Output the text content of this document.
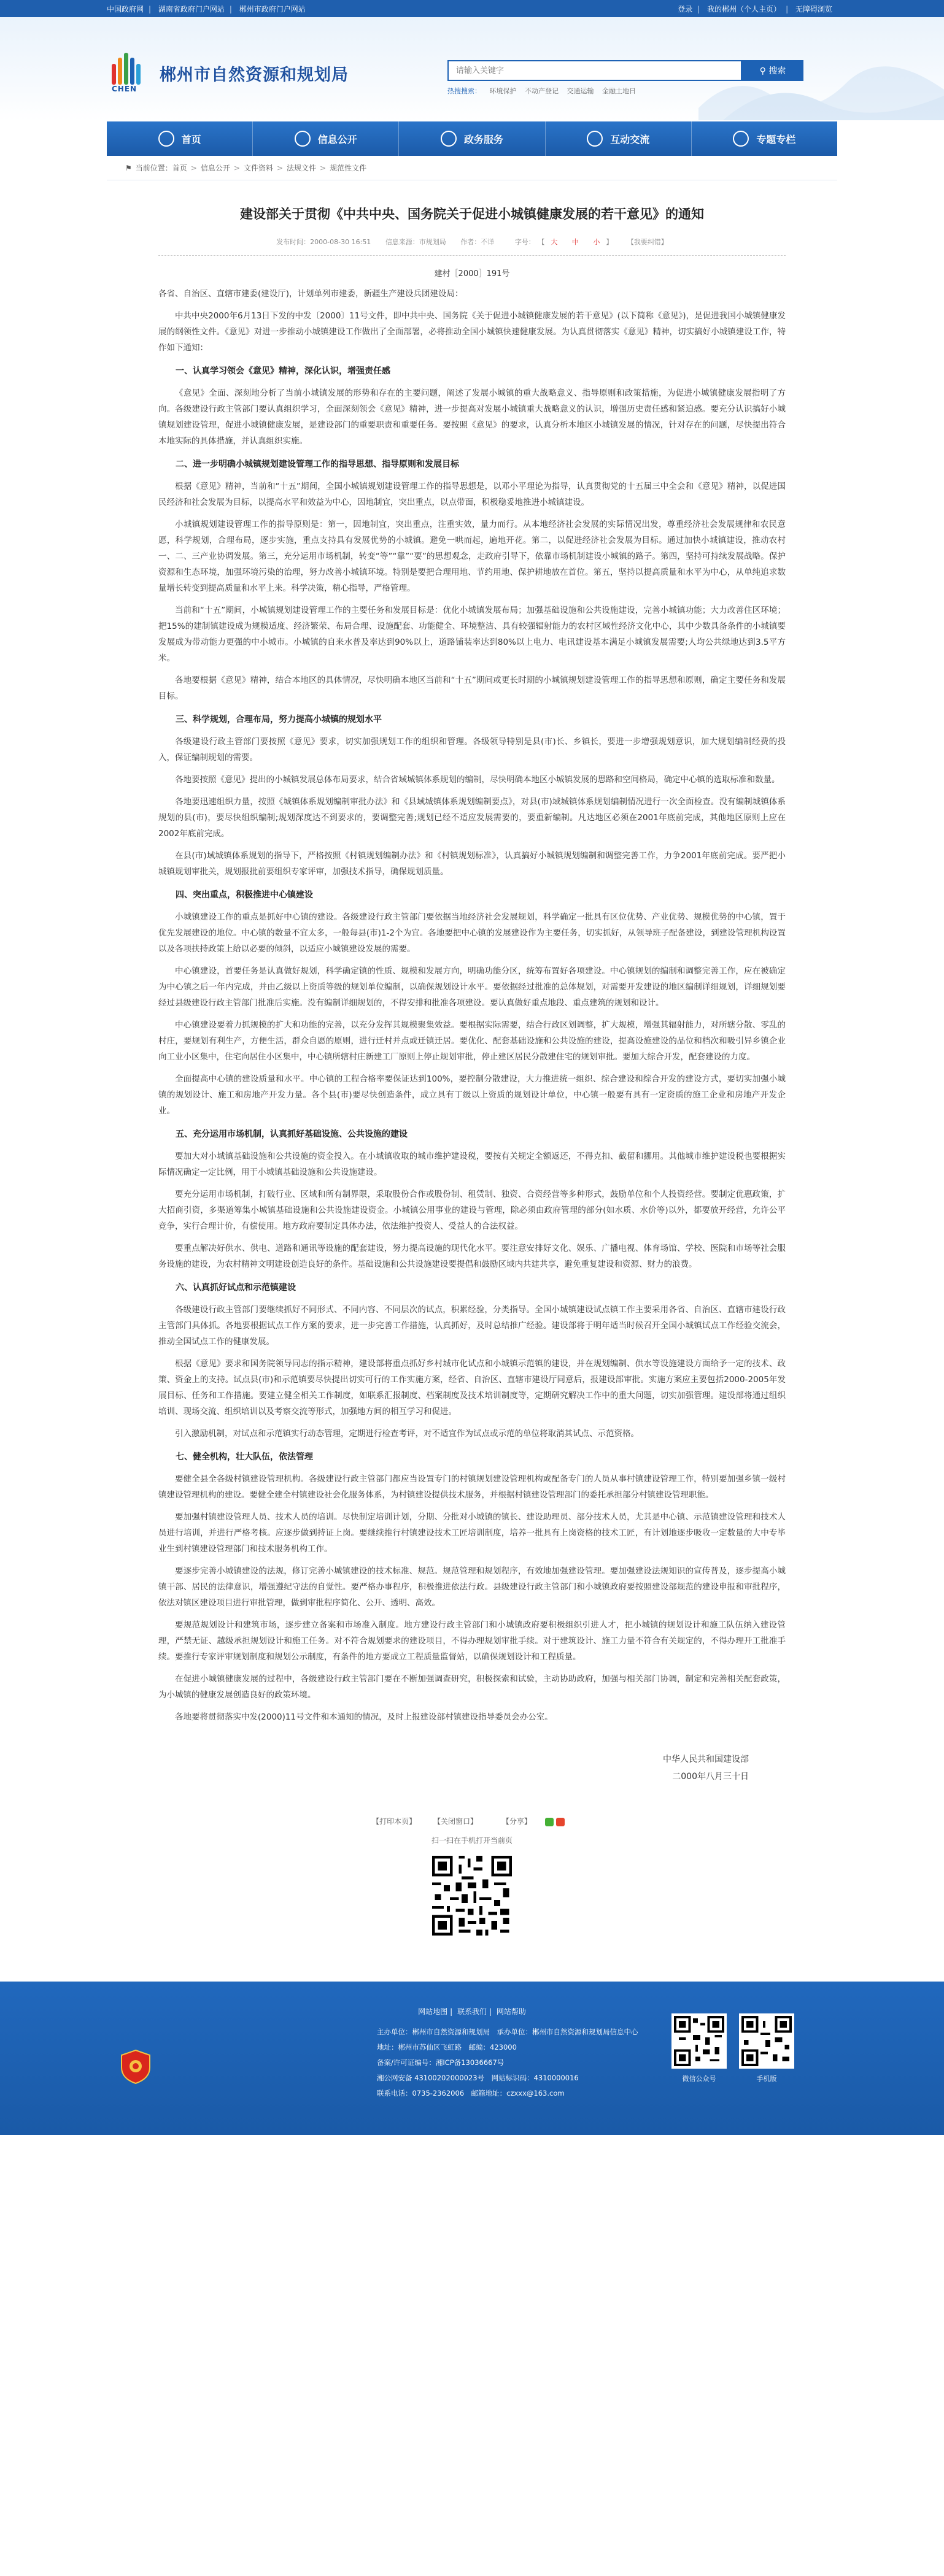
中国政府网 | 湖南省政府门户网站 | 郴州市政府门户网站	登录 | 我的郴州（个人主页） | 无障碍浏览
CHEN
郴州市自然资源和规划局
请输入关键字	⚲ 搜索
热搜搜索： 环境保护 不动产登记 交通运输 金融土地日
首页	信息公开	政务服务	互动交流	专题专栏
⚑ 当前位置： 首页 > 信息公开 > 文件资料 > 法规文件 > 规范性文件
建设部关于贯彻《中共中央、国务院关于促进小城镇健康发展的若干意见》的通知
发布时间：2000-08-30 16:51 信息来源：市规划局 作者：不详	字号： 【 大 中 小 】 【我要纠错】
建村［2000］191号

各省、自治区、直辖市建委(建设厅)，计划单列市建委，新疆生产建设兵团建设局：

中共中央2000年6月13日下发的中发〔2000〕11号文件，即中共中央、国务院《关于促进小城镇健康发展的若干意见》(以下简称《意见》)，是促进我国小城镇健康发展的纲领性文件。《意见》对进一步推动小城镇建设工作做出了全面部署，必将推动全国小城镇快速健康发展。为认真贯彻落实《意见》精神，切实搞好小城镇建设工作，特作如下通知：

一、认真学习领会《意见》精神，深化认识，增强责任感

《意见》全面、深刻地分析了当前小城镇发展的形势和存在的主要问题，阐述了发展小城镇的重大战略意义、指导原则和政策措施，为促进小城镇健康发展指明了方向。各级建设行政主管部门要认真组织学习，全面深刻领会《意见》精神，进一步提高对发展小城镇重大战略意义的认识，增强历史责任感和紧迫感。要充分认识搞好小城镇规划建设管理，促进小城镇健康发展，是建设部门的重要职责和重要任务。要按照《意见》的要求，认真分析本地区小城镇发展的情况，针对存在的问题，尽快提出符合本地实际的具体措施，并认真组织实施。

二、进一步明确小城镇规划建设管理工作的指导思想、指导原则和发展目标

根据《意见》精神，当前和“十五”期间，全国小城镇规划建设管理工作的指导思想是，以邓小平理论为指导，认真贯彻党的十五届三中全会和《意见》精神，以促进国民经济和社会发展为目标，以提高水平和效益为中心，因地制宜，突出重点，以点带面，积极稳妥地推进小城镇建设。

小城镇规划建设管理工作的指导原则是：第一，因地制宜，突出重点，注重实效，量力而行。从本地经济社会发展的实际情况出发，尊重经济社会发展规律和农民意愿，科学规划，合理布局，逐步实施，重点支持具有发展优势的小城镇。避免一哄而起，遍地开花。第二，以促进经济社会发展为目标。通过加快小城镇建设，推动农村一、二、三产业协调发展。第三，充分运用市场机制，转变“等”“靠”“要”的思想观念，走政府引导下，依靠市场机制建设小城镇的路子。第四，坚持可持续发展战略。保护资源和生态环境，加强环境污染的治理，努力改善小城镇环境。特别是要把合理用地、节约用地、保护耕地放在首位。第五，坚持以提高质量和水平为中心，从单纯追求数量增长转变到提高质量和水平上来。科学决策，精心指导，严格管理。

当前和“十五”期间，小城镇规划建设管理工作的主要任务和发展目标是：优化小城镇发展布局；加强基础设施和公共设施建设，完善小城镇功能；大力改善住区环境；把15%的建制镇建设成为规模适度、经济繁荣、布局合理、设施配套、功能健全、环境整洁、具有较强辐射能力的农村区域性经济文化中心，其中少数具备条件的小城镇要发展成为带动能力更强的中小城市。小城镇的自来水普及率达到90%以上，道路铺装率达到80%以上电力、电讯建设基本满足小城镇发展需要;人均公共绿地达到3.5平方米。

各地要根据《意见》精神，结合本地区的具体情况，尽快明确本地区当前和“十五”期间或更长时期的小城镇规划建设管理工作的指导思想和原则，确定主要任务和发展目标。

三、科学规划，合理布局，努力提高小城镇的规划水平

各级建设行政主管部门要按照《意见》要求，切实加强规划工作的组织和管理。各级领导特别是县(市)长、乡镇长，要进一步增强规划意识，加大规划编制经费的投入，保证编制规划的需要。

各地要按照《意见》提出的小城镇发展总体布局要求，结合省域城镇体系规划的编制，尽快明确本地区小城镇发展的思路和空间格局，确定中心镇的选取标准和数量。

各地要迅速组织力量，按照《城镇体系规划编制审批办法》和《县域城镇体系规划编制要点》，对县(市)域城镇体系规划编制情况进行一次全面检查。没有编制城镇体系规划的县(市)，要尽快组织编制;规划深度达不到要求的，要调整完善;规划已经不适应发展需要的，要重新编制。凡达地区必须在2001年底前完成，其他地区原则上应在2002年底前完成。

在县(市)域城镇体系规划的指导下，严格按照《村镇规划编制办法》和《村镇规划标准》，认真搞好小城镇规划编制和调整完善工作，力争2001年底前完成。要严把小城镇规划审批关，规划报批前要组织专家评审，加强技术指导，确保规划质量。

四、突出重点，积极推进中心镇建设

小城镇建设工作的重点是抓好中心镇的建设。各级建设行政主管部门要依据当地经济社会发展规划，科学确定一批具有区位优势、产业优势、规模优势的中心镇，置于优先发展建设的地位。中心镇的数量不宜太多，一般每县(市)1-2个为宜。各地要把中心镇的发展建设作为主要任务，切实抓好，从领导班子配备建设，到建设管理机构设置以及各项扶持政策上给以必要的倾斜，以适应小城镇建设发展的需要。

中心镇建设，首要任务是认真做好规划，科学确定镇的性质、规模和发展方向，明确功能分区，统筹布置好各项建设。中心镇规划的编制和调整完善工作，应在被确定为中心镇之后一年内完成，并由乙级以上资质等级的规划单位编制，以确保规划设计水平。要依据经过批准的总体规划，对需要开发建设的地区编制详细规划，详细规划要经过县级建设行政主管部门批准后实施。没有编制详细规划的，不得安排和批准各项建设。要认真做好重点地段、重点建筑的规划和设计。

中心镇建设要着力抓规模的扩大和功能的完善，以充分发挥其规模聚集效益。要根据实际需要，结合行政区划调整，扩大规模，增强其辐射能力，对所辖分散、零乱的村庄，要规划有利生产，方便生活，群众自愿的原则，进行迁村并点或迁镇迁居。要优化、配套基础设施和公共设施的建设，提高设施建设的品位和档次和吸引异乡镇企业向工业小区集中，住宅向居住小区集中，中心镇所辖村庄新建工厂原则上停止规划审批，停止建区居民分散建住宅的规划审批。要加大综合开发，配套建设的力度。

全面提高中心镇的建设质量和水平。中心镇的工程合格率要保证达到100%，要控制分散建设，大力推进统一组织、综合建设和综合开发的建设方式，要切实加强小城镇的规划设计、施工和房地产开发力量。各个县(市)要尽快创造条件，成立具有丁级以上资质的规划设计单位，中心镇一般要有具有一定资质的施工企业和房地产开发企业。

五、充分运用市场机制，认真抓好基础设施、公共设施的建设

要加大对小城镇基础设施和公共设施的资金投入。在小城镇收取的城市维护建设税，要按有关规定全额返还，不得克扣、截留和挪用。其他城市维护建设税也要根据实际情况确定一定比例，用于小城镇基础设施和公共设施建设。

要充分运用市场机制，打破行业、区域和所有制界限，采取股份合作或股份制、租赁制、独资、合资经营等多种形式，鼓励单位和个人投资经营。要制定优惠政策，扩大招商引资，多渠道筹集小城镇基础设施和公共设施建设资金。小城镇公用事业的建设与管理，除必须由政府管理的部分(如水质、水价等)以外，都要放开经营，允许公平竞争，实行合理计价，有偿使用。地方政府要制定具体办法，依法维护投资人、受益人的合法权益。

要重点解决好供水、供电、道路和通讯等设施的配套建设，努力提高设施的现代化水平。要注意安排好文化、娱乐、广播电视、体育场馆、学校、医院和市场等社会服务设施的建设，为农村精神文明建设创造良好的条件。基础设施和公共设施建设要提倡和鼓励区域内共建共享，避免重复建设和资源、财力的浪费。

六、认真抓好试点和示范镇建设

各级建设行政主管部门要继续抓好不同形式、不同内容、不同层次的试点，积累经验，分类指导。全国小城镇建设试点镇工作主要采用各省、自治区、直辖市建设行政主管部门具体抓。各地要根据试点工作方案的要求，进一步完善工作措施，认真抓好，及时总结推广经验。建设部将于明年适当时候召开全国小城镇试点工作经验交流会，推动全国试点工作的健康发展。

根据《意见》要求和国务院领导同志的指示精神，建设部将重点抓好乡村城市化试点和小城镇示范镇的建设，并在规划编制、供水等设施建设方面给予一定的技术、政策、资金上的支持。试点县(市)和示范镇要尽快提出切实可行的工作实施方案，经省、自治区、直辖市建设厅同意后，报建设部审批。实施方案应主要包括2000-2005年发展目标、任务和工作措施。要建立健全相关工作制度，如联系汇报制度、档案制度及技术培训制度等，定期研究解决工作中的重大问题，切实加强管理。建设部将通过组织培训、现场交流、组织培训以及考察交流等形式，加强地方间的相互学习和促进。

引入激励机制，对试点和示范镇实行动态管理，定期进行检查考评，对不适宜作为试点或示范的单位将取消其试点、示范资格。

七、健全机构，壮大队伍，依法管理

要健全县全各级村镇建设管理机构。各级建设行政主管部门都应当设置专门的村镇规划建设管理机构或配备专门的人员从事村镇建设管理工作，特别要加强乡镇一级村镇建设管理机构的建设。要健全建全村镇建设社会化服务体系，为村镇建设提供技术服务，并根据村镇建设管理部门的委托承担部分村镇建设管理职能。

要加强村镇建设管理人员、技术人员的培训。尽快制定培训计划，分期、分批对小城镇的镇长、建设助理员、部分技术人员，尤其是中心镇、示范镇建设管理和技术人员进行培训，并进行严格考核。应逐步做到持证上岗。要继续推行村镇建设技术工匠培训制度，培养一批具有上岗资格的技术工匠，有计划地逐步吸收一定数量的大中专毕业生到村镇建设管理部门和技术服务机构工作。

要逐步完善小城镇建设的法规，修订完善小城镇建设的技术标准、规范。规范管理和规划程序，有效地加强建设管理。要加强建设法规知识的宣传普及，逐步提高小城镇干部、居民的法律意识，增强遵纪守法的自觉性。要严格办事程序，积极推进依法行政。县级建设行政主管部门和小城镇政府要按照建设部规范的建设申报和审批程序，依法对镇区建设项目进行审批管理，做到审批程序简化、公开、透明、高效。

要规范规划设计和建筑市场，逐步建立备案和市场准入制度。地方建设行政主管部门和小城镇政府要积极组织引进人才，把小城镇的规划设计和施工队伍纳入建设管理，严禁无证、越级承担规划设计和施工任务。对不符合规划要求的建设项目，不得办理规划审批手续。对于建筑设计、施工力量不符合有关规定的，不得办理开工批准手续。要推行专家评审规划制度和规划公示制度，有条件的地方要成立工程质量监督站，以确保规划设计和工程质量。

在促进小城镇健康发展的过程中，各级建设行政主管部门要在不断加强调查研究，积极探索和试验，主动协助政府，加强与相关部门协调，制定和完善相关配套政策，为小城镇的健康发展创造良好的政策环境。

各地要将贯彻落实中发(2000)11号文件和本通知的情况，及时上报建设部村镇建设指导委员会办公室。

中华人民共和国建设部
二000年八月三十日
【打印本页】 【关闭窗口】	【分享】
扫一扫在手机打开当前页
网站地图 | 联系我们 | 网站帮助
主办单位：郴州市自然资源和规划局　承办单位：郴州市自然资源和规划局信息中心
地址：郴州市苏仙区飞虹路　邮编：423000
备案/许可证编号：湘ICP备13036667号
湘公网安备 43100202000023号　网站标识码：4310000016
联系电话：0735-2362006　邮箱地址：czxxx@163.com
微信公众号	手机版
